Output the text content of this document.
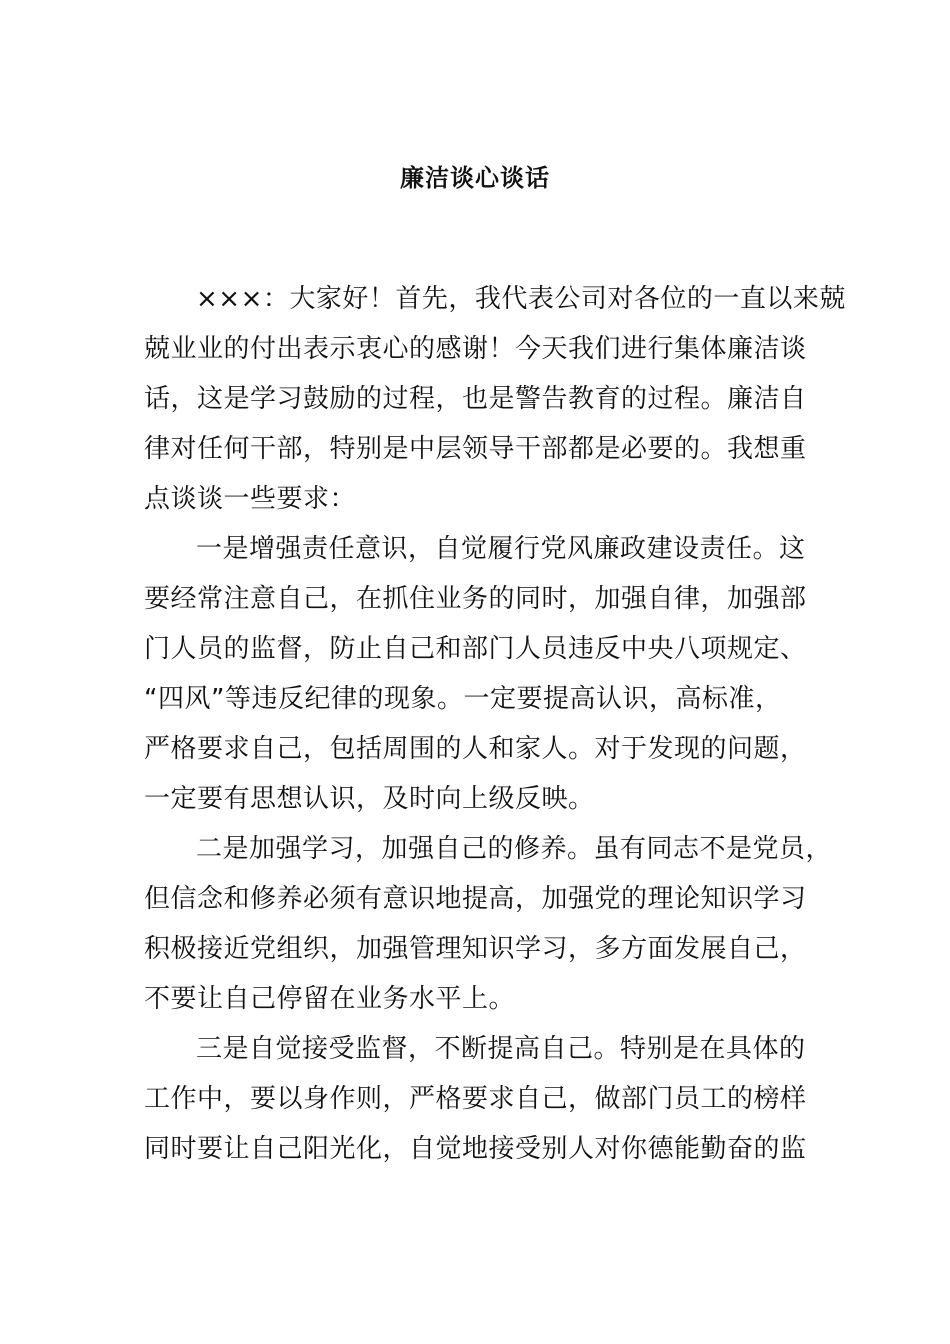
廉洁谈心谈话

×××：大家好！首先，我代表公司对各位的一直以来兢
兢业业的付出表示衷心的感谢！今天我们进行集体廉洁谈
话，这是学习鼓励的过程，也是警告教育的过程。廉洁自
律对任何干部，特别是中层领导干部都是必要的。我想重
点谈谈一些要求：

一是增强责任意识，自觉履行党风廉政建设责任。这
要经常注意自己，在抓住业务的同时，加强自律，加强部
门人员的监督，防止自己和部门人员违反中央八项规定、
“四风”等违反纪律的现象。一定要提高认识，高标准，
严格要求自己，包括周围的人和家人。对于发现的问题，
一定要有思想认识，及时向上级反映。

二是加强学习，加强自己的修养。虽有同志不是党员，
但信念和修养必须有意识地提高，加强党的理论知识学习
积极接近党组织，加强管理知识学习，多方面发展自己，
不要让自己停留在业务水平上。

三是自觉接受监督，不断提高自己。特别是在具体的
工作中，要以身作则，严格要求自己，做部门员工的榜样
同时要让自己阳光化，自觉地接受别人对你德能勤奋的监
